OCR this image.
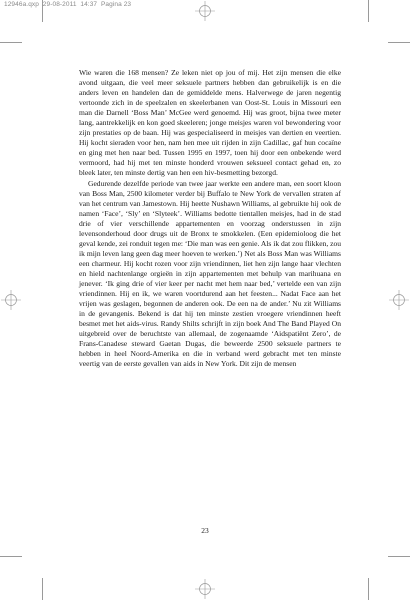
12946a.qxp  29-08-2011  14:37  Pagina 23

Wie waren die 168 mensen? Ze leken niet op jou of mij. Het zijn mensen die elke avond uitgaan, die veel meer seksuele partners hebben dan gebruikelijk is en die anders leven en handelen dan de gemiddelde mens. Halverwege de jaren negentig vertoonde zich in de speelzalen en skeelerbanen van Oost-St. Louis in Missouri een man die Darnell ‘Boss Man’ McGee werd genoemd. Hij was groot, bijna twee meter lang, aantrekkelijk en kon goed skeeleren; jonge meisjes waren vol bewondering voor zijn prestaties op de baan. Hij was gespecialiseerd in meisjes van dertien en veertien. Hij kocht sieraden voor hen, nam hen mee uit rijden in zijn Cadillac, gaf hun cocaïne en ging met hen naar bed. Tussen 1995 en 1997, toen hij door een onbekende werd vermoord, had hij met ten minste honderd vrouwen seksueel contact gehad en, zo bleek later, ten minste dertig van hen een hiv-besmetting bezorgd.

Gedurende dezelfde periode van twee jaar werkte een andere man, een soort kloon van Boss Man, 2500 kilometer verder bij Buffalo te New York de vervallen straten af van het centrum van Jamestown. Hij heette Nushawn Williams, al gebruikte hij ook de namen ‘Face’, ‘Sly’ en ‘Slyteek’. Williams bedotte tientallen meisjes, had in de stad drie of vier verschillende appartementen en voorzag onderstussen in zijn levensonderhoud door drugs uit de Bronx te smokkelen. (Een epidemioloog die het geval kende, zei ronduit tegen me: ‘Die man was een genie. Als ik dat zou flikken, zou ik mijn leven lang geen dag meer hoeven te werken.’) Net als Boss Man was Williams een charmeur. Hij kocht rozen voor zijn vriendinnen, liet hen zijn lange haar vlechten en hield nachtenlange orgieën in zijn appartementen met behulp van marihuana en jenever. ‘Ik ging drie of vier keer per nacht met hem naar bed,’ vertelde een van zijn vriendinnen. Hij en ik, we waren voortdurend aan het feesten... Nadat Face aan het vrijen was geslagen, begonnen de anderen ook. De een na de ander.’ Nu zit Williams in de gevangenis. Bekend is dat hij ten minste zestien vroegere vriendinnen heeft besmet met het aids-virus. Randy Shilts schrijft in zijn boek And The Band Played On uitgebreid over de beruchtste van allemaal, de zogenaamde ‘Aidspatiënt Zero’, de Frans-Canadese steward Gaetan Dugas, die beweerde 2500 seksuele partners te hebben in heel Noord-Amerika en die in verband werd gebracht met ten minste veertig van de eerste gevallen van aids in New York. Dit zijn de mensen

23
